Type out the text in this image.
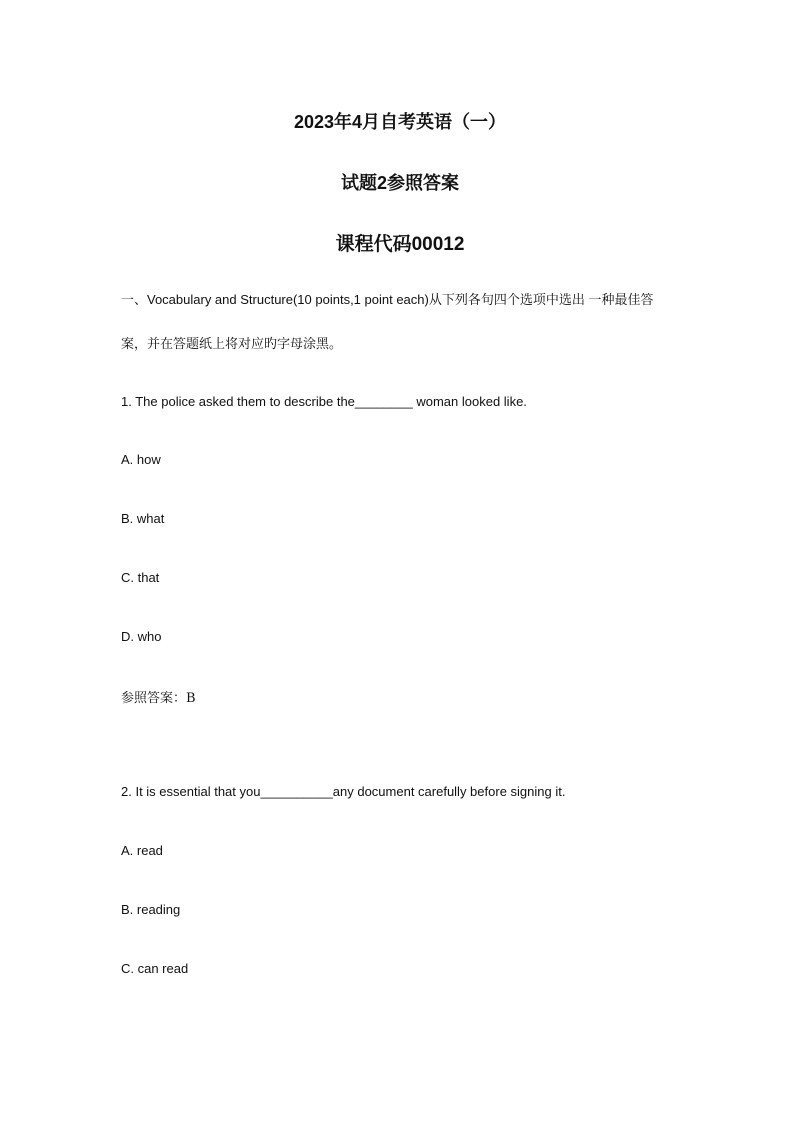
2023年4月自考英语（一）
试题2参照答案
课程代码00012
一、Vocabulary and Structure(10 points,1 point each)从下列各句四个选项中选出 一种最佳答
案，并在答题纸上将对应旳字母涂黑。
1. The police asked them to describe the________ woman looked like.
A. how
B. what
C. that
D. who
参照答案：B
2. It is essential that you__________any document carefully before signing it.
A. read
B. reading
C. can read
